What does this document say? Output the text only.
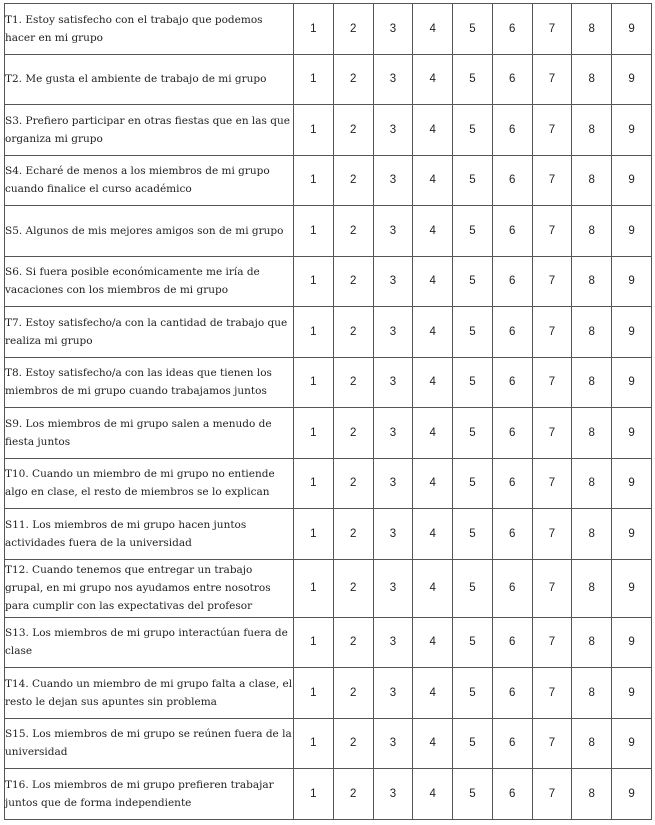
T1. Estoy satisfecho con el trabajo que podemos hacer en mi grupo	1	2	3	4	5	6	7	8	9
T2. Me gusta el ambiente de trabajo de mi grupo	1	2	3	4	5	6	7	8	9
S3. Prefiero participar en otras fiestas que en las que organiza mi grupo	1	2	3	4	5	6	7	8	9
S4. Echaré de menos a los miembros de mi grupo cuando finalice el curso académico	1	2	3	4	5	6	7	8	9
S5. Algunos de mis mejores amigos son de mi grupo	1	2	3	4	5	6	7	8	9
S6. Si fuera posible económicamente me iría de vacaciones con los miembros de mi grupo	1	2	3	4	5	6	7	8	9
T7. Estoy satisfecho/a con la cantidad de trabajo que realiza mi grupo	1	2	3	4	5	6	7	8	9
T8. Estoy satisfecho/a con las ideas que tienen los miembros de mi grupo cuando trabajamos juntos	1	2	3	4	5	6	7	8	9
S9. Los miembros de mi grupo salen a menudo de fiesta juntos	1	2	3	4	5	6	7	8	9
T10. Cuando un miembro de mi grupo no entiende algo en clase, el resto de miembros se lo explican	1	2	3	4	5	6	7	8	9
S11. Los miembros de mi grupo hacen juntos actividades fuera de la universidad	1	2	3	4	5	6	7	8	9
T12. Cuando tenemos que entregar un trabajo grupal, en mi grupo nos ayudamos entre nosotros para cumplir con las expectativas del profesor	1	2	3	4	5	6	7	8	9
S13. Los miembros de mi grupo interactúan fuera de clase	1	2	3	4	5	6	7	8	9
T14. Cuando un miembro de mi grupo falta a clase, el resto le dejan sus apuntes sin problema	1	2	3	4	5	6	7	8	9
S15. Los miembros de mi grupo se reúnen fuera de la universidad	1	2	3	4	5	6	7	8	9
T16. Los miembros de mi grupo prefieren trabajar juntos que de forma independiente	1	2	3	4	5	6	7	8	9
